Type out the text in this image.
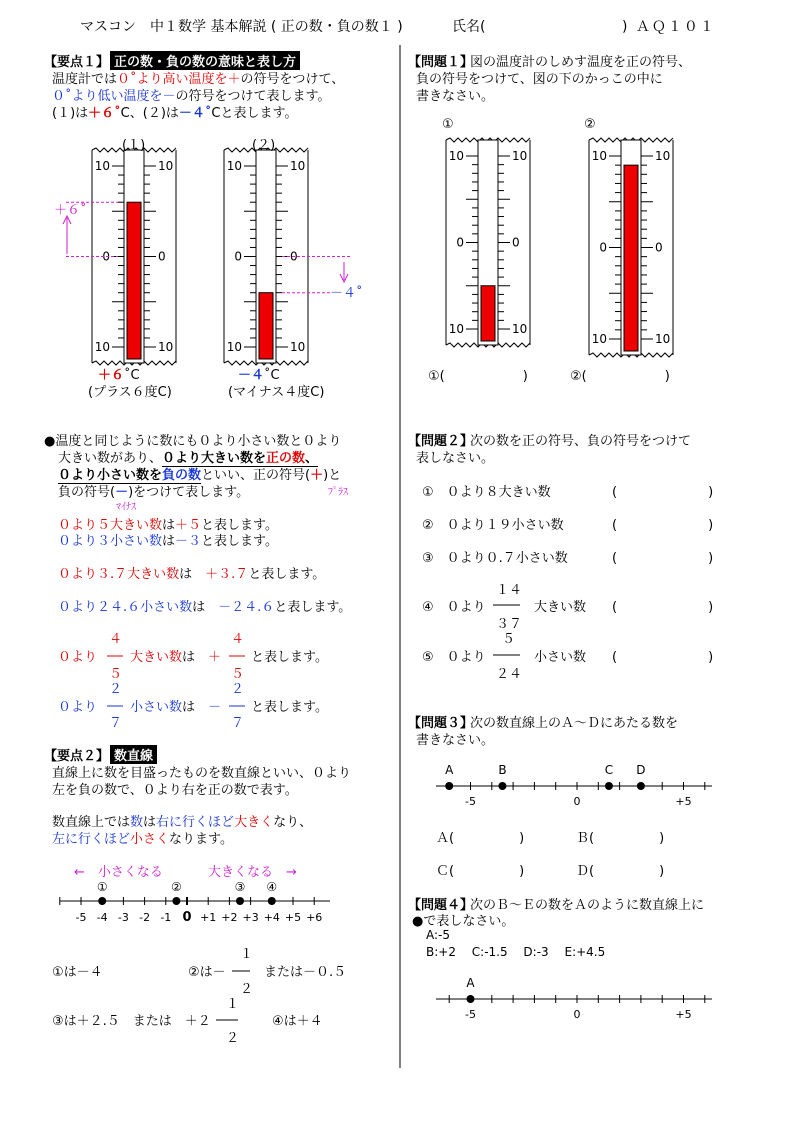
10	10
0	0
10	10
10	10
0	0
10	10
10	10
0	0
10	10
10	10
0	0
10	10
-5 -4 -3 -2 -1 0 +1 +2 +3 +4 +5 +6
①	②	③ ④
-5	0	+5
A	B	C D
-5	0	+5
A
マスコン　中１数学 基本解説 ( 正の数・負の数１ )	氏名(	) ＡＱ１０１
【要点１】 正の数・負の数の意味と表し方
温度計では０˚より高い温度を＋の符号をつけて、
０˚より低い温度を－の符号をつけて表します。
(１)は＋６˚C、(２)は－４˚Cと表します。
(１)	(２)
＋６˚
－４˚
＋６˚C
(プラス６度C)
－４˚C
(マイナス４度C)
●温度と同じように数にも０より小さい数と０より
大きい数があり、０より大きい数を正の数、
０より小さい数を負の数といい、正の符号(＋)と
負の符号(－)をつけて表します。	ﾌﾟﾗｽ
ﾏｲﾅｽ
０より５大きい数は＋５と表します。
０より３小さい数は－３と表します。
０より３.７大きい数は　 ＋３.７と表します。
０より２４.６小さい数は　 －２４.６と表します。
０より
４
５
大きい数は　 ＋
４
５
と表します。
０より
２
７
小さい数は　 －
２
７
と表します。
【要点２】 数直線
直線上に数を目盛ったものを数直線といい、０より
左を負の数で、０より右を正の数で表す。
数直線上では数は右に行くほど大きくなり、
左に行くほど小さくなります。
←　小さくなる	大きくなる　→
①は－４	②は－
１
２
または－０.５
③は＋２.５　または　＋２
１
２
④は＋４
【問題１】
図の温度計のしめす温度を正の符号、
負の符号をつけて、図の下のかっこの中に
書きなさい。
①	②
①(　　　　　　)	②(　　　　　　)
【問題２】
次の数を正の符号、負の符号をつけて
表しなさい。
①　０より８大きい数	(　　　　　　　)
②　０より１９小さい数	(　　　　　　　)
③　０より０.７小さい数	(　　　　　　　)
④　０より
１４
３７
大きい数 (　　　　　　　)
⑤　０より
５
２４
小さい数 (　　　　　　　)
【問題３】
次の数直線上のＡ～Ｄにあたる数を
書きなさい。
Ａ(　　　　　)	Ｂ(　　　　　)
Ｃ(　　　　　)	Ｄ(　　　　　)
【問題４】
次のＢ～Ｅの数をＡのように数直線上に
●で表しなさい。
A:-5
B:+2　 C:-1.5　 D:-3　 E:+4.5
